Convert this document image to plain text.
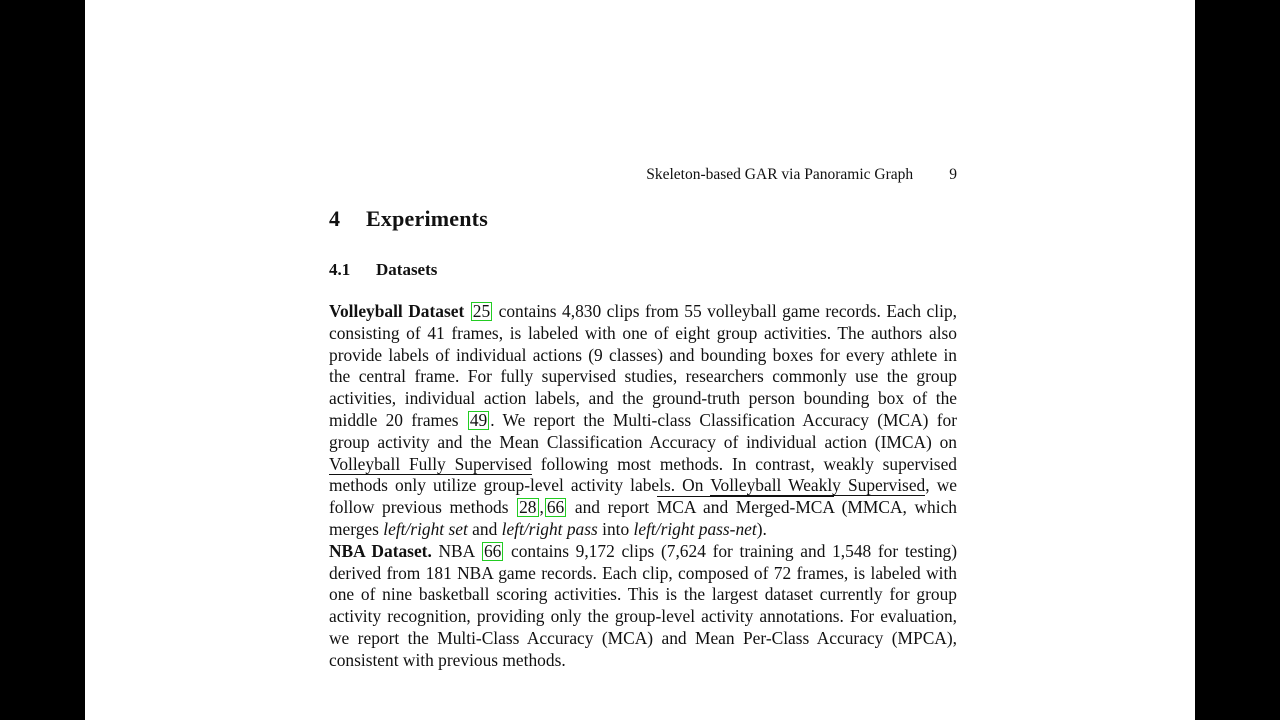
Skeleton-based GAR via Panoramic Graph 9
4 Experiments
4.1 Datasets

Volleyball Dataset 25 contains 4,830 clips from 55 volleyball game records. Each clip, consisting of 41 frames, is labeled with one of eight group activities. The authors also provide labels of individual actions (9 classes) and bounding boxes for every athlete in the central frame. For fully supervised studies, researchers commonly use the group activities, individual action labels, and the ground-truth person bounding box of the middle 20 frames 49 . We report the Multi-class Classification Accuracy (MCA) for group activity and the Mean Classification Accuracy of individual action (IMCA) on Volleyball Fully Supervised following most methods. In contrast, weakly supervised methods only utilize group-level activity labels. On Volleyball Weakly Supervised, we follow previous methods 28 , 66 and report MCA and Merged-MCA (MMCA, which merges left/right set and left/right pass into left/right pass-net).

NBA Dataset. NBA 66 contains 9,172 clips (7,624 for training and 1,548 for testing) derived from 181 NBA game records. Each clip, composed of 72 frames, is labeled with one of nine basketball scoring activities. This is the largest dataset currently for group activity recognition, providing only the group-level activity annotations. For evaluation, we report the Multi-Class Accuracy (MCA) and Mean Per-Class Accuracy (MPCA), consistent with previous methods.
